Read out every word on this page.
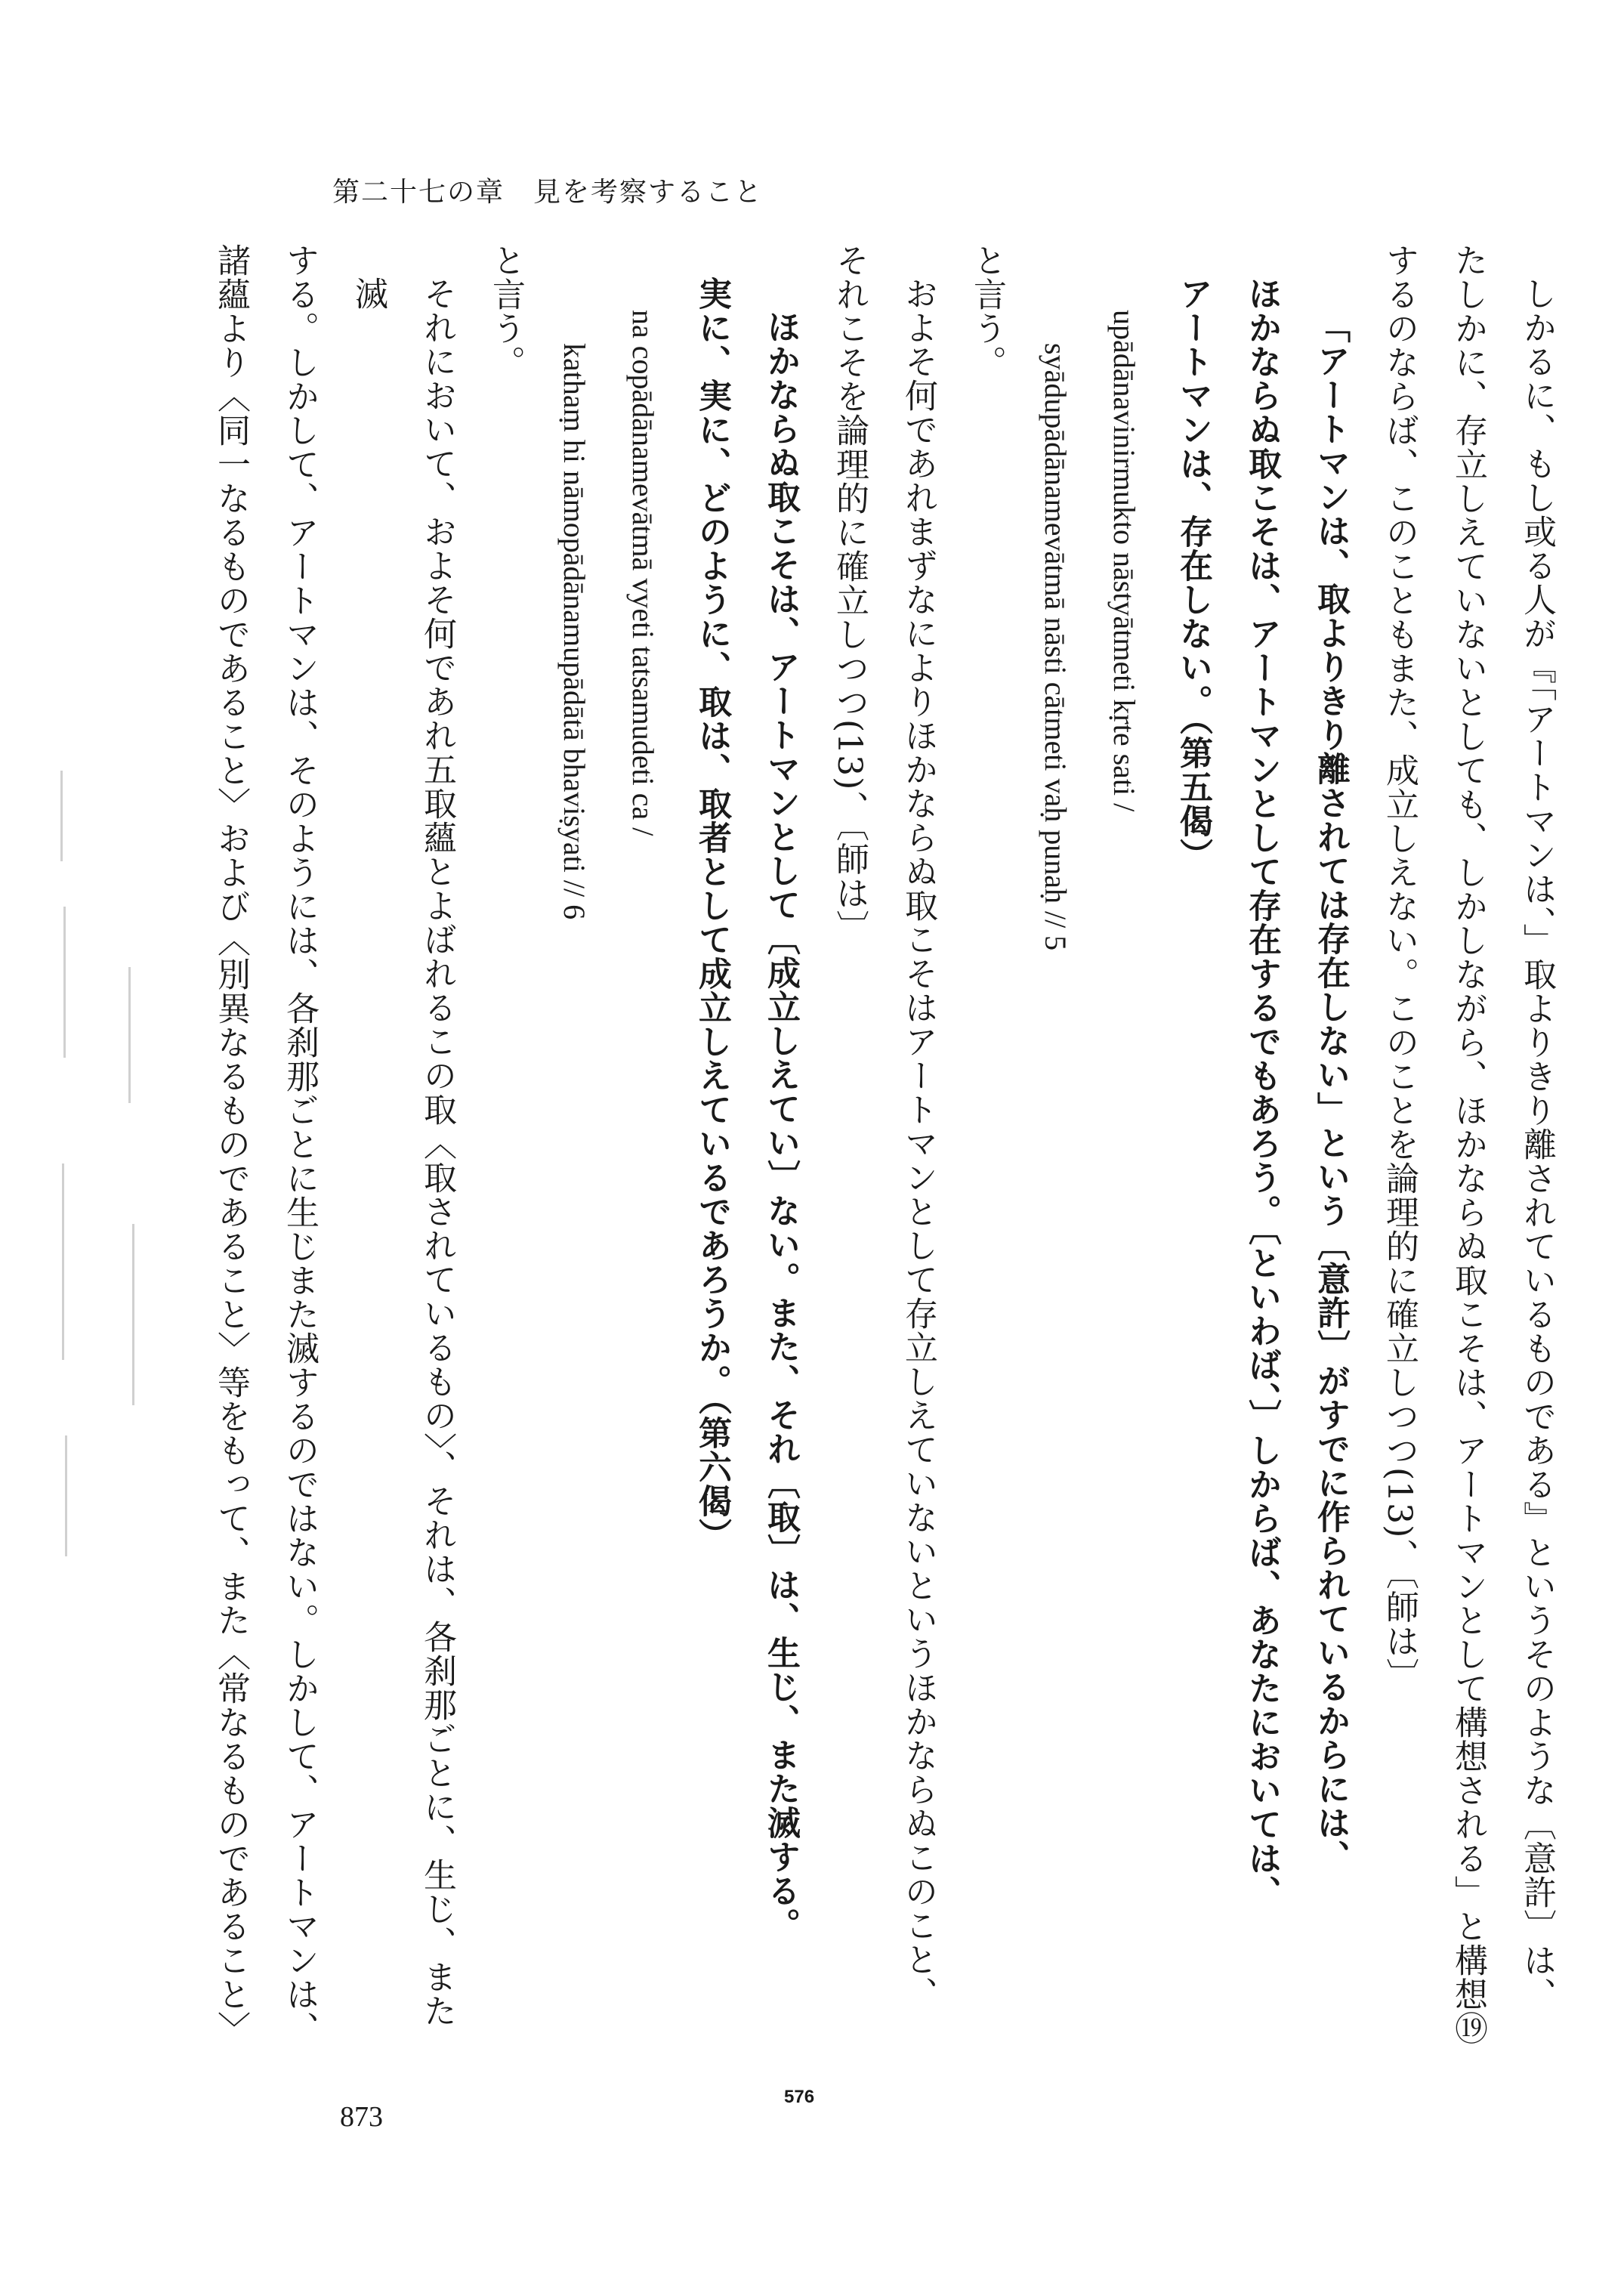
第二十七の章　見を考察すること

しかるに、もし或る人が『「アートマンは、」取よりきり離されているものである』というそのような〔意許〕は、

たしかに、存立しえていないとしても、しかしながら、ほかならぬ取こそは、アートマンとして構想される」と構想⑲

するのならば、このこともまた、成立しえない。このことを論理的に確立しつつ(13)、〔師は〕

「アートマンは、取よりきり離されては存在しない」という〔意許〕がすでに作られているからには、

ほかならぬ取こそは、アートマンとして存在するでもあろう。〔といわば、〕しからば、あなたにおいては、

アートマンは、存在しない。（第五偈）

upādānavinirmukto nāstyātmeti kṛte sati /

syādupādānamevātmā nāsti cātmeti vaḥ punaḥ // 5

と言う。

およそ何であれまずなによりほかならぬ取こそはアートマンとして存立しえていないというほかならぬこのこと、

それこそを論理的に確立しつつ(13)、〔師は〕

ほかならぬ取こそは、アートマンとして〔成立しえてい〕ない。また、それ〔取〕は、生じ、また滅する。

実に、実に、どのように、取は、取者として成立しえているであろうか。（第六偈）

na copādānamevātmā vyeti tatsamudeti ca /

kathaṃ hi nāmopādānamupādātā bhaviṣyati // 6

と言う。

それにおいて、およそ何であれ五取蘊とよばれるこの取〈取されているもの〉、それは、各刹那ごとに、生じ、また滅

する。しかして、アートマンは、そのようには、各刹那ごとに生じまた滅するのではない。しかして、アートマンは、

諸蘊より〈同一なるものであること〉および〈別異なるものであること〉等をもって、また〈常なるものであること〉

576
873
